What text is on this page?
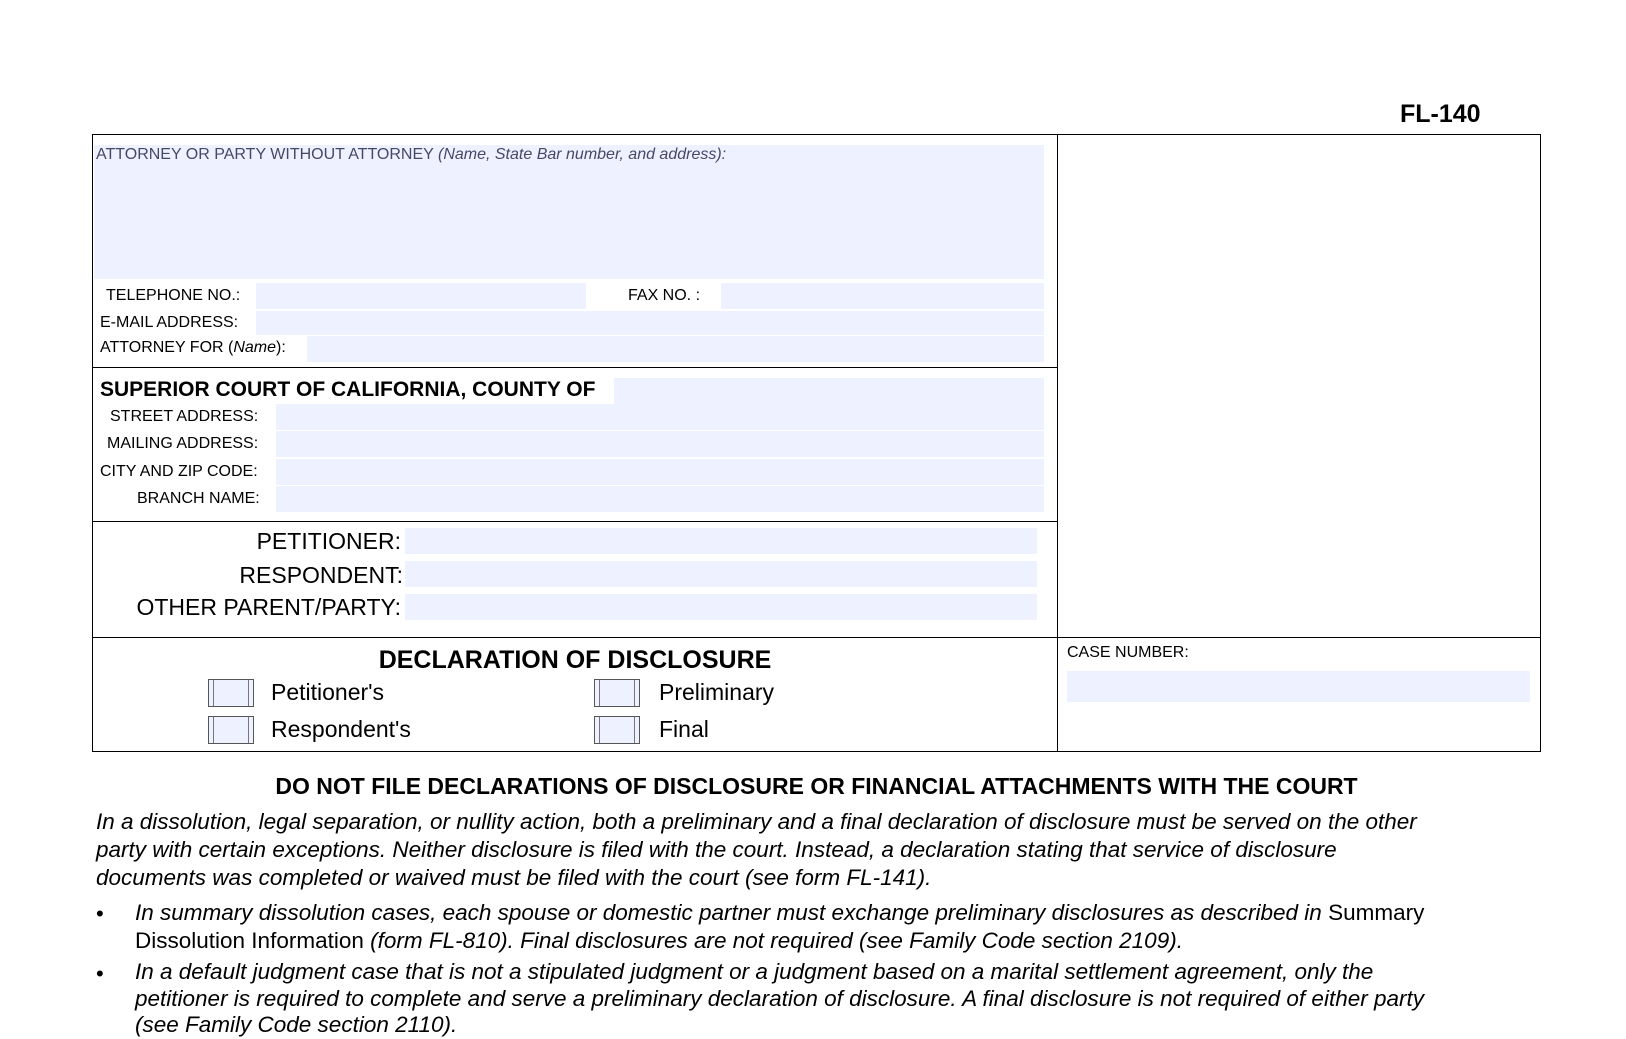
FL-140
ATTORNEY OR PARTY WITHOUT ATTORNEY (Name, State Bar number, and address):
TELEPHONE NO.:	FAX NO. :
E-MAIL ADDRESS:
ATTORNEY FOR (Name):
SUPERIOR COURT OF CALIFORNIA, COUNTY OF
STREET ADDRESS:
MAILING ADDRESS:
CITY AND ZIP CODE:
BRANCH NAME:
PETITIONER:
RESPONDENT:
OTHER PARENT/PARTY:
DECLARATION OF DISCLOSURE
Petitioner's	Preliminary
Respondent's	Final
CASE NUMBER:
DO NOT FILE DECLARATIONS OF DISCLOSURE OR FINANCIAL ATTACHMENTS WITH THE COURT
In a dissolution, legal separation, or nullity action, both a preliminary and a final declaration of disclosure must be served on the other
party with certain exceptions. Neither disclosure is filed with the court. Instead, a declaration stating that service of disclosure
documents was completed or waived must be filed with the court (see form FL-141).
• In summary dissolution cases, each spouse or domestic partner must exchange preliminary disclosures as described in Summary
Dissolution Information (form FL-810). Final disclosures are not required (see Family Code section 2109).
• In a default judgment case that is not a stipulated judgment or a judgment based on a marital settlement agreement, only the
petitioner is required to complete and serve a preliminary declaration of disclosure. A final disclosure is not required of either party
(see Family Code section 2110).
